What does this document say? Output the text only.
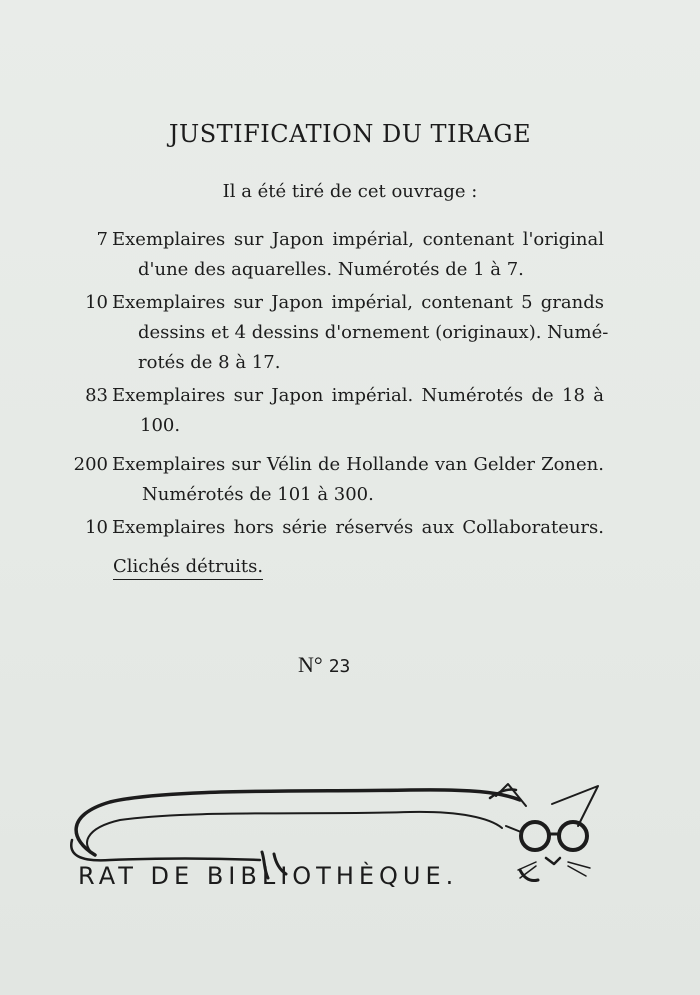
JUSTIFICATION DU TIRAGE
Il a été tiré de cet ouvrage :
7 Exemplaires sur Japon impérial, contenant l'original
d'une des aquarelles. Numérotés de 1 à 7.
10 Exemplaires sur Japon impérial, contenant 5 grands
dessins et 4 dessins d'ornement (originaux). Numé-
rotés de 8 à 17.
83 Exemplaires sur Japon impérial. Numérotés de 18 à
100.
200 Exemplaires sur Vélin de Hollande van Gelder Zonen.
Numérotés de 101 à 300.
10 Exemplaires hors série réservés aux Collaborateurs.
Clichés détruits.
N° 23
RAT DE BIBLIOTHÈQUE.
